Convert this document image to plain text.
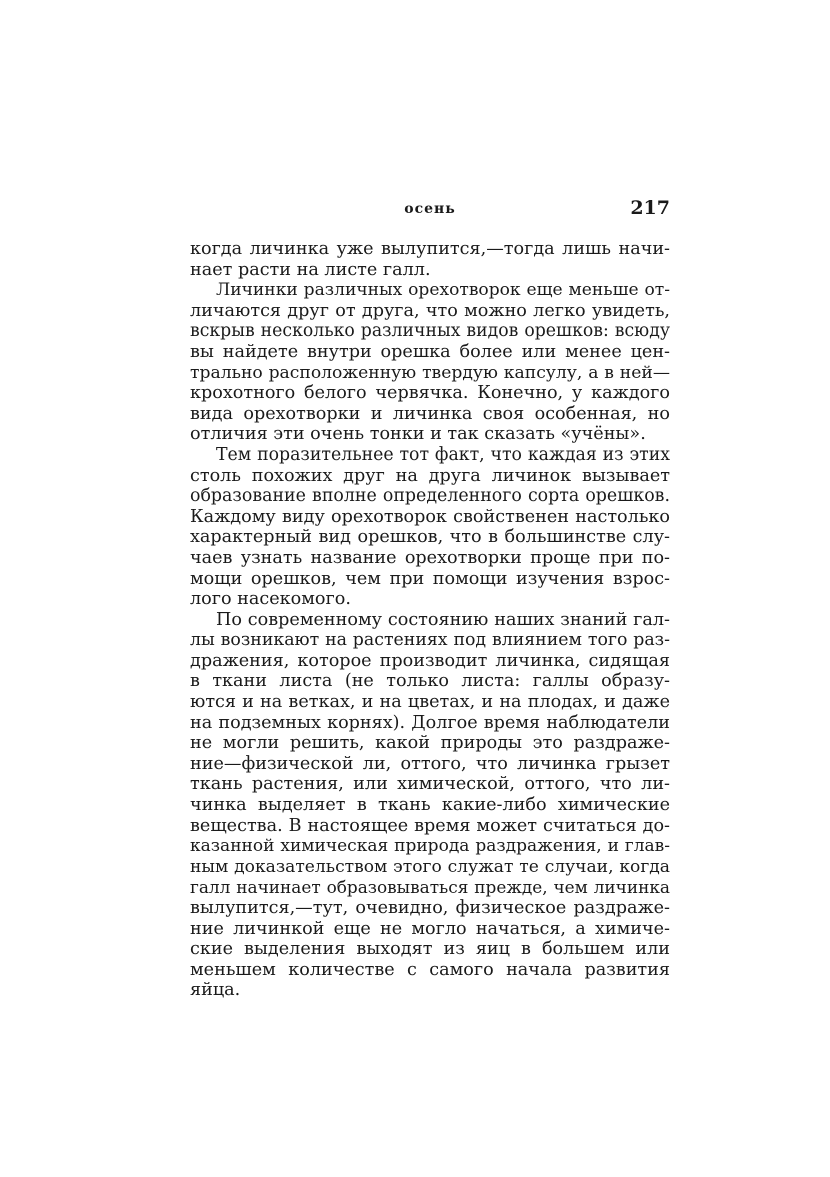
осень	217
когда личинка уже вылупится,—тогда лишь начи-
нает расти на листе галл.
Личинки различных орехотворок еще меньше от-
личаются друг от друга, что можно легко увидеть,
вскрыв несколько различных видов орешков: всюду
вы найдете внутри орешка более или менее цен-
трально расположенную твердую капсулу, а в ней—
крохотного белого червячка. Конечно, у каждого
вида орехотворки и личинка своя особенная, но
отличия эти очень тонки и так сказать «учёны».
Тем поразительнее тот факт, что каждая из этих
столь похожих друг на друга личинок вызывает
образование вполне определенного сорта орешков.
Каждому виду орехотворок свойственен настолько
характерный вид орешков, что в большинстве слу-
чаев узнать название орехотворки проще при по-
мощи орешков, чем при помощи изучения взрос-
лого насекомого.
По современному состоянию наших знаний гал-
лы возникают на растениях под влиянием того раз-
дражения, которое производит личинка, сидящая
в ткани листа (не только листа: галлы образу-
ются и на ветках, и на цветах, и на плодах, и даже
на подземных корнях). Долгое время наблюдатели
не могли решить, какой природы это раздраже-
ние—физической ли, оттого, что личинка грызет
ткань растения, или химической, оттого, что ли-
чинка выделяет в ткань какие-либо химические
вещества. В настоящее время может считаться до-
казанной химическая природа раздражения, и глав-
ным доказательством этого служат те случаи, когда
галл начинает образовываться прежде, чем личинка
вылупится,—тут, очевидно, физическое раздраже-
ние личинкой еще не могло начаться, а химиче-
ские выделения выходят из яиц в большем или
меньшем количестве с самого начала развития
яйца.
